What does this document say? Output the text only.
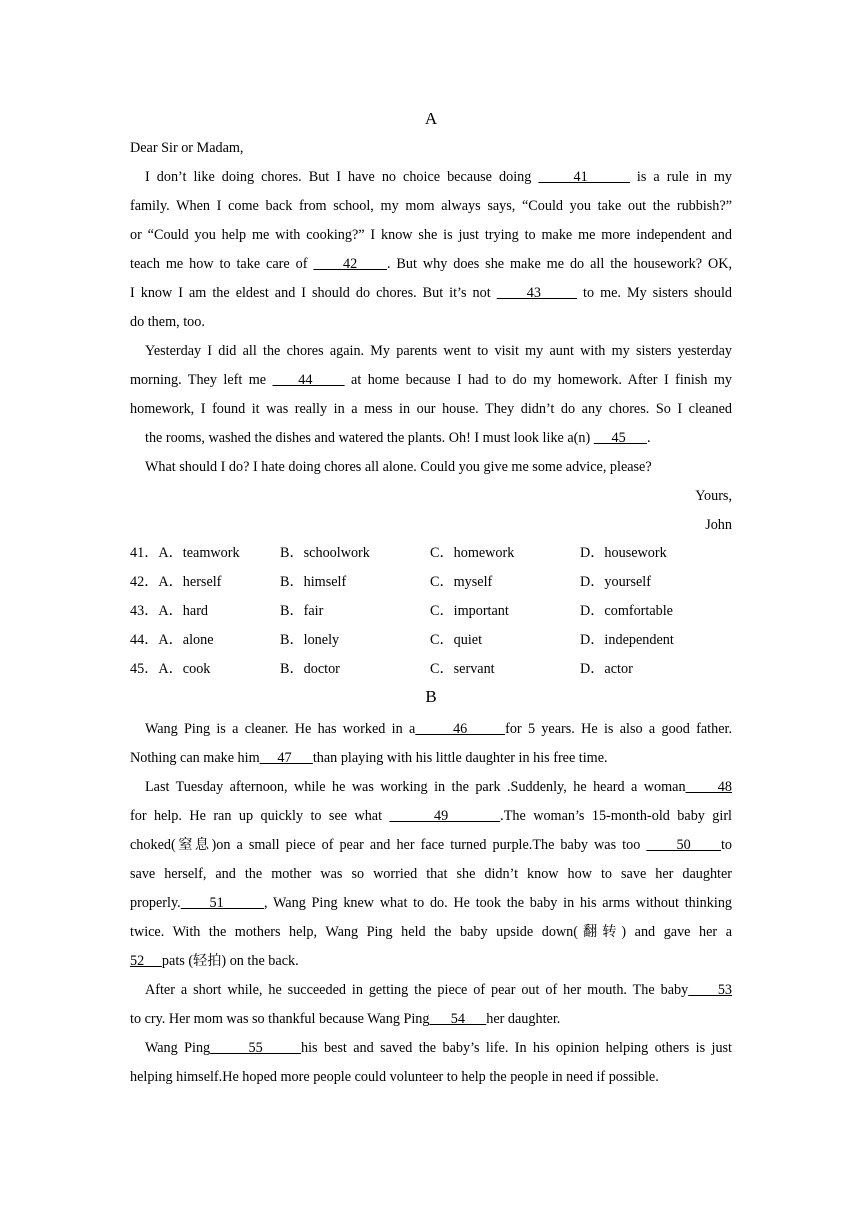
A
Dear Sir or Madam,
I don’t like doing chores. But I have no choice because doing      41       is a rule in my
family. When I come back from school, my mom always says, “Could you take out the rubbish?”
or “Could you help me with cooking?” I know she is just trying to make me more independent and
teach me how to take care of      42     . But why does she make me do all the housework? OK,
I know I am the eldest and I should do chores. But it’s not      43       to me. My sisters should
do them, too.
Yesterday I did all the chores again. My parents went to visit my aunt with my sisters yesterday
morning. They left me     44      at home because I had to do my homework. After I finish my
homework, I found it was really in a mess in our house. They didn’t do any chores. So I cleaned
the rooms, washed the dishes and watered the plants. Oh! I must look like a(n)      45      .
What should I do? I hate doing chores all alone. Could you give me some advice, please?
Yours,
John
41．A．teamwork	B．schoolwork	C．homework	D．housework
42．A．herself	B．himself	C．myself	D．yourself
43．A．hard	B．fair	C．important	D．comfortable
44．A．alone	B．lonely	C．quiet	D．independent
45．A．cook	B．doctor	C．servant	D．actor
B
Wang Ping is a cleaner. He has worked in a      46      for 5 years. He is also a good father.
Nothing can make him     47      than playing with his little daughter in his free time.
Last Tuesday afternoon, while he was working in the park .Suddenly, he heard a woman     48
for help. He ran up quickly to see what       49       .The woman’s 15-month-old baby girl
choked(窒息)on a small piece of pear and her face turned purple.The baby was too      50     to
save herself, and the mother was so worried that she didn’t know how to save her daughter
properly.     51       , Wang Ping knew what to do. He took the baby in his arms without thinking
twice. With the mothers help, Wang Ping held the baby upside down(翻转) and gave her a
52     pats (轻拍) on the back.
After a short while, he succeeded in getting the piece of pear out of her mouth. The baby     53
to cry. Her mom was so thankful because Wang Ping      54      her daughter.
Wang Ping      55      his best and saved the baby’s life. In his opinion helping others is just
helping himself.He hoped more people could volunteer to help the people in need if possible.
